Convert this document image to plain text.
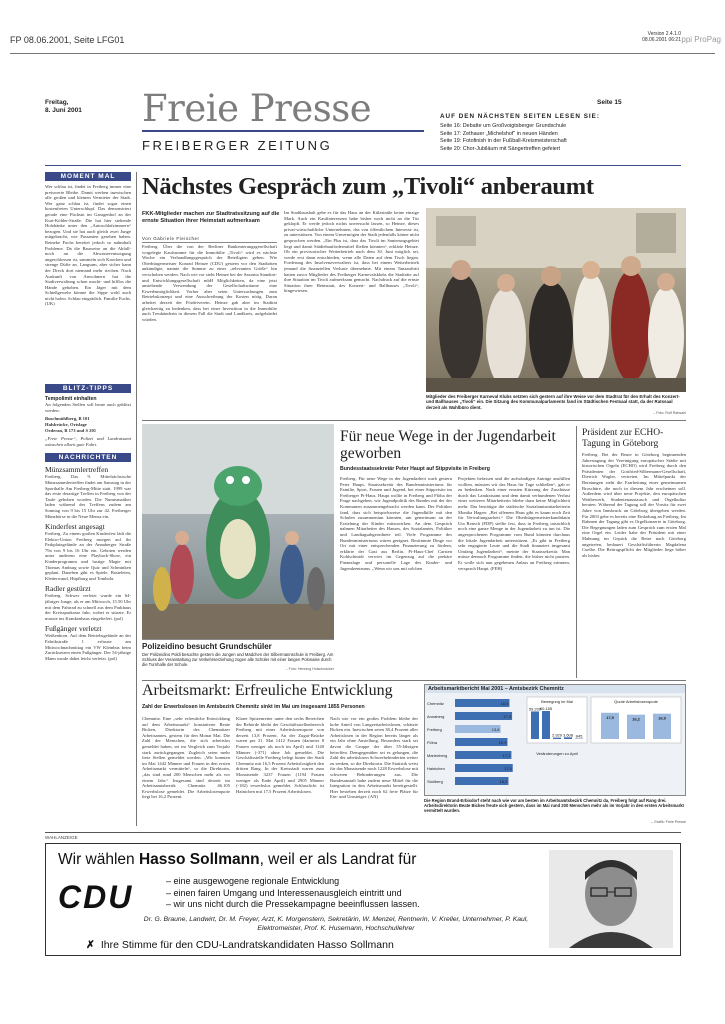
FP 08.06.2001, Seite LFG01
Version 2.4.1.0
08.06.2001 06:21 ppi ProPag
Freitag,
8. Juni 2001 Freie Presse
FREIBERGER ZEITUNG
Seite 15
AUF DEN NÄCHSTEN SEITEN LESEN SIE:
Seite 16: Debatte um Großvoigtsberger Grundschule
Seite 17: Zethauer „Michelshof“ in neuen Händen
Seite 19: Fotofinish in der Fußball-Kreismeisterschaft
Seite 20: Chor-Jubiläum mit Sängertreffen gefeiert
MOMENT MAL
Wer schlau ist, findet in Freiberg immer eine preiswerte Bleibe. Damit werben inzwischen alle großen und kleinen Vermieter der Stadt. Wer ganz schlau ist, findet sogar einen kostenfreien Unterschlupf. Das demonstriert gerade eine Füchsin im Garagenhof an der Kurt-Köhler-Straße. Die hat hier stehende Holzbänke unter den „Autoschlafzimmern“ bezogen. Und sie hat auch gleich zwei Junge mitgebracht, wie Passanten gesehen haben. Reineke Fuchs bereitet jedoch so nahmhaft Probleme. Da die Bauweise an die Abfall- noch an die Abwasserentsorgung angeschlossen ist, sammeln sich Knochen und strenge Düfte an. Langsam, aber sicher kann der Dreck dort niemand mehr riechen. Nach Auskunft von Anwohnern hat die Stadtverwaltung schon macht- und hilflos die Hände gehoben. Ein Jäger mit dem Schießgewehr könnte die Sippe wohl auch nicht holen. Schlau eingrädich. Familie Fuchs. (UK)
BLITZ-TIPPS
Tempolimit einhalten
An folgenden Stellen soll heute auch geblitzt werden:
Buschmühlberg, B 101
Halsbrücke, Ortslage
Oederan, B 173 und S 201
„Freie Presse“, Polizei und Landratsamt wünschen allzeit gute Fahrt.
NACHRICHTEN
Münzsammlertreffen
Freiberg. Das 9. Mittelsächsische Münzsammlertreffen findet am Samstag in der Sporthalle Am Freiberg-Mitte statt. 1999 war das erste derartige Treffen in Freiberg von der Taufe gehoben worden. Die Numismatiker laden während des Treffens zudem am Sonntag von 9 bis 15 Uhr zur 42. Freiberger Münzbörse in die Neue Mensa ein.
Kinderfest angesagt
Freiberg. Zu einem großen Kinderfest lädt die Elektro-Union Freiberg morgen auf ihr Parkplatzgelände an der Annaberger Straße 79a von 9 bis 16 Uhr ein. Geboten werden unter anderem eine Playback-Show, ein Kinderprogramm und lustige Magie mit Thomas Amburg sowie Quiz und Schminken geplant. Daneben gibt es Spiele, Basteleien, Kletterwand, Hüpfburg und Tombola.
Radler gestürzt
Freiberg. Schwer verletzt wurde ein 64-jähriger Junge, als er am Mittwoch, 15.50 Uhr mit dem Fahrrad zu schnell aus dem Parkhaus der Kreissparkasse fuhr, wobei er stürzte. Er musste ins Krankenhaus eingeliefert. (pol)
Fußgänger verletzt
Weißenborn. Auf dem Betriebsgelände an der Fabrikstraße 1 erfasste am Mittwochnachmittag ein VW Kleinbus beim Zurücksetzen einen Fußgänger. Der 54-jährige Mann wurde dabei leicht verletzt. (pol)
Nächstes Gespräch zum „Tivoli“ anberaumt
FKK-Mitglieder machen zur Stadtratssitzung auf die ernste Situation ihrer Heimstatt aufmerksam
Von Gabriele Fleischer
Freiberg. Über die von der Berliner Bankenierungsgesellschaft vorgelegte Kaufsumme für die Immobilie „Tivoli“ wird es nächste Woche ein Verhandlungsgespräch der Beteiligten geben. Wie Oberbürgermeister Konrad Heinze (CDU) gestern vor den Stadträten ankündigte, nannte die Summe zu einer „relevanten Größe“ hin verschoben werden. Nach wie vor sieht Heinze bei der Saxonia Standort- und Entwicklungsgesellschaft mbH Möglichkeiten, da eine jetzt anstehende Verwendung der Gesellschaftsräume eine Erwerbsmöglichkeit. Vorher aber seien Untersuchungen zum Betriebskonzept und eine Ausschreibung der Kosten nötig. Daran arbeitet derzeit der Förderverein. Heinze gab aber im Stadtrat gleichzeitig zu bedenken, dass bei einer Investition in die Immobilie auch Treuhänderin in diesem Fall die Stadt und Landkreis, aufgebürdet würden.
Im Stadthaushalt gebe es für das Haus an der Külzstraße keine einzige Mark. Auch ein Kaufinteressent habe bisher noch nicht an die Tür geklopft. Er werde jedoch nichts unversucht lassen, so Heinze, dieses privat-wirtschaftliche Unternehmen, das von öffentlichem Interesse ist, zu unterstützen. Von einem Unvermögen der Stadt jedenfalls könne nicht gesprochen werden. „Ein Plus ist, dass das Tivoli im Sanierungsgebiet liegt und damit Städtebaufördermittel fließen könnten“, erklärte Heinze. Ob ein provisorischer Weiterbetrieb nach dem 30. Juni möglich sei, werde erst dann entschieden, wenn alle Daten auf dem Tisch liegen. Forderung des Insolvenzverwalters ist, dass bei einem Weiterbetrieb jemand die finanziellen Verluste übernehme. Mit einem Tanzauftritt hatten zuvor Mitglieder des Freiberger Karnevalsklubs die Stadträte auf ihre Situation im Tivoli aufmerksam gemacht. Nachdruck auf die ernste Situation ihrer Heimstatt, des Konzert- und Ballhauses „Tivoli“, hingewiesen.
Mitglieder des Freiberger Karneval Klubs setzten sich gestern auf ihre Weise vor dem Stadtrat für den Erhalt des Konzert- und Ballhauses „Tivoli“ ein. Die Sitzung des Kommunalparlaments fand im Städtischen Festsaal statt, da der Ratssaal derzeit als Wahlbüro dient.
– Foto: Rolf Rabsahl
Polizeidino besucht Grundschüler
Der Polizeidino Poldi besuchte gestern die Jungen und Mädchen der Silbermannschule in Freiberg. Am Schluss der Veranstaltung zur Verkehrserziehung zogen alle Schüler mit einer langen Polonaise durch die Turnhalle der Schule.
– Foto: Henning Holschnacker
Für neue Wege in der Jugendarbeit geworben
Bundesstaatssekretär Peter Haupt auf Stippvisite in Freiberg
Freiberg. Für neue Wege in der Jugendarbeit warb gestern Peter Haupt, Staatssekretär des Bundesministeriums für Familie, Sport, Frauen und Jugend, bei einer Stippvisite im Freiberger Pi-Haus. Haupt wollte in Freiberg und Flöha der Frage nachgehen, wie Jugendpolitik des Bundes mit der der Kommunen zusammengebracht werden kann. Der Politiker fand, dass sich beispielsweise die Jugendhilfe mit den Schulen zusammentun könnten, um gemeinsam an der Erziehung der Kinder mitzuwirken. An dem Gespräch nahmen Mitarbeiter des Hauses, des Sozialamtes, Politiker und Landtagsabgeordnete teil. Viele Programme des Bundesministeriums wären geeignet. Bestimmte Dinge vor Ort mit einer entsprechenden Finanzierung zu fördern, erklärte der Gast aus Berlin. Pi-Haus-Chef Carsten Kohlschmidt verwies im Gegenzug auf die prekäre Finanzlage und personelle Lage des Kinder- und Jugendzentrums. „Wenn wir uns mit solchen
Projekten befassen und die aufwändigen Anträge ausfüllen wollten, müssten wir das Haus für Tage schließen“, gab er zu bedenken. Nach einer ernsten Kürzung der Zuschüsse durch das Landratsamt und dem damit verbundenen Verlust einer weiteren Mitarbeiterin bliebe dazu keine Möglichkeit mehr. Das bestätigte die städtische Sozialamtsmitarbeiterin Monika Hagen: „Bei offenem Haus gibt es kaum noch Zeit für Verwaltungsarbeit.“ Die Oberbürgermeisterkandidatin Uta Rensch (FDP) stellte fest, dass in Freiberg tatsächlich noch eine ganze Menge in der Jugendarbeit zu tun ist. Die angesprochenen Programme vom Bund könnten durchaus die lokale Jugendarbeit unterstützen. „Es gibt in Freiberg sehr engagierte Leute und die Stadt finanziert insgesamt Umfang Jugendarbeit“, meinte der Staatssekretär. Man müsse dennoch Programme finden, die bisher nicht passten. Er wolle sich nun gegebenen Anlass an Freiberg erinnern, versprach Haupt. (FEH)
Präsident zur ECHO-Tagung in Göteborg
Freiberg. Bei der Beute in Göteborg beginnenden Jahrestagung der Vereinigung europäischer Städte mit historischen Orgeln (ECHO) wird Freiberg durch den Präsidenten der Gottfried-Silbermann-Gesellschaft, Dietrich Wagler, vertreten. Im Mittelpunkt der Beratungen steht die Erarbeitung einer gemeinsamen Broschüre, die noch in diesem Jahr erscheinen soll. Außerdem wird über neue Projekte, den europäischen Wettbewerb, Studentenaustausch und Orgelkultur beraten. Während der Tagung soll der Vorsitz für zwei Jahre von Innsbruck an Göteborg übergeben werden. Für 2003 gebe es bereits eine Einladung an Freiberg. Im Rahmen der Tagung gibt es Orgelkonzerte in Göteborg. Die Begegnungen laden zum Gespräch zum ersten Mal eine Orgel ein. Leider habe der Präsident mit einer Mahnung im Gepäck die Reise nach Göteborg angetreten, bedauert Geschäftsführerin Magdalena Cuelbe. Die Beitragspflicht der Mitglieder liege höher als bisher.
Arbeitsmarkt: Erfreuliche Entwicklung
Zahl der Erwerbslosen im Amtsbezirk Chemnitz sinkt im Mai um insgesamt 1855 Personen
Chemnitz. Eine „sehr erfreuliche Entwicklung auf dem Arbeitsmarkt“ konstatierte Beate Bicken, Direktorin des Chemnitzer Arbeitsamtes, gestern für den Monat Mai. Die Zahl der Menschen, die sich arbeitslos gemeldet haben, sei im Vergleich zum Vorjahr stark zurückgegangen. Zugleich seien mehr freie Stellen gemeldet worden. „Wir konnten im Mai 1442 Männer und Frauen in den ersten Arbeitsmarkt vermitteln“, so die Direktorin, „das sind rund 200 Menschen mehr als vor einem Jahr.“ Insgesamt sind derzeit im Arbeitsamtsbezirk Chemnitz 46.105 Erwerbslose gemeldet. Die Arbeitslosenquote liegt bei 16,2 Prozent.
Klarer Spitzenreiter unter den sechs Bereichen der Behörde bleibt der Geschäftsstellenbereich Freiberg mit einer Arbeitslosenquote von derzeit 13,8 Prozent. An der Zugut-Brücke waren per 31. Mai 1412 Frauen (darunter 8 Frauen weniger als noch im April) und 1140 Männer (-371) ohne Job gemeldet. Die Geschäftsstelle Freiberg belegt hinter der Stadt Chemnitz mit 16,5 Prozent Arbeitslosigkeit den dritten Rang. In der Kreisstadt waren zum Monatsende 3237 Frauen (1194 Frauen weniger als Ende April) und 2905 Männer (-182) erwerbslos gemeldet. Schlusslicht ist Hainichen mit 17,5 Prozent Arbeitslosen.
Nach wie vor ein großes Problem bleibe der hohe Anteil von Langzeitarbeitslosen, schätzte Bicken ein. Inzwischen seien 38,4 Prozent aller Arbeitslosen in der Region bereits länger als ein Jahr ohne Anstellung. Besonders stark sei davon die Gruppe der über 55-Jährigen betroffen. Demgegenüber sei es gelungen, die Zahl der arbeitslosen Schwerbehinderten weiter zu senken, so die Direktorin. Die Statistik weist für das Monatsende noch 1228 Erwerbslose mit schweren Behinderungen aus. Die Bundesanstalt habe zudem neue Mittel für die Integration in den Arbeitsmarkt bereitgestellt. Hier bestehen derzeit noch 62 freie Plätze für Ein- und Umsteiger. (AN)
Arbeitsmarktbericht Mai 2001 – Amtsbezirk Chemnitz
Chemnitz	16,5
Annaberg	17,3
Freiberg	13,8
Flöha	15,9
Marienberg	17,1
Hainichen	17,5
Stollberg	16,2
Bewegung im Mai
59.200
60.155
2.929 3.608 845
Quote Arbeitslosenquote
17,5	16,2	16,9
Veränderungen zu April
Die Region Brand-Erbisdorf steht nach wie vor am besten im Arbeitsamtsbezirk Chemnitz da, Freiberg folgt auf Rang drei. Arbeitsdirektorin Beate Bickes freute sich gestern, dass im Mai rund 200 Menschen mehr als im Vorjahr in den ersten Arbeitsmarkt vermittelt wurden.
– Grafik: Freie Presse
WAHLANZEIGE
Wir wählen Hasso Sollmann, weil er als Landrat für
CDU	– eine ausgewogene regionale Entwicklung
– einen fairen Umgang und Interessenausgleich eintritt und
– wir uns nicht durch die Pressekampagne beeinflussen lassen.
Dr. G. Braune, Landwirt, Dr. M. Freyer, Arzt, K. Morgenstern, Sekretärin, W. Menzel, Rentnerin, V. Kreller, Unternehmer, P. Kaul, Elektromeister, Prof. K. Husemann, Hochschullehrer
✗ Ihre Stimme für den CDU-Landratskandidaten Hasso Sollmann
